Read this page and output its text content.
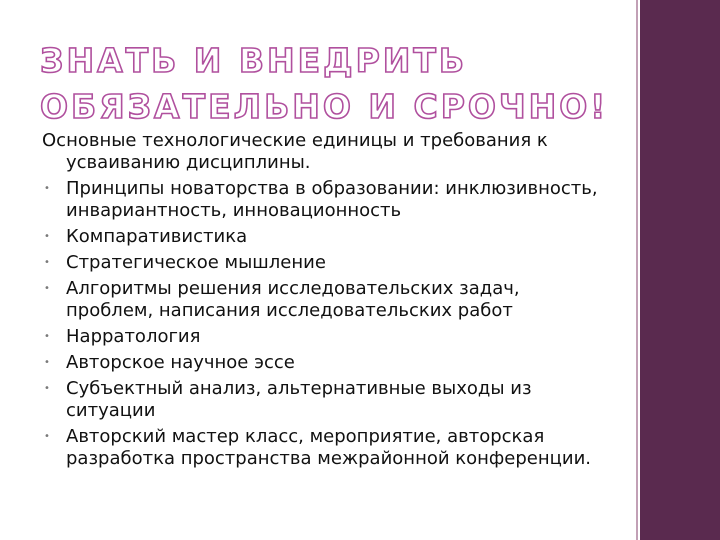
ЗНАТЬ И ВНЕДРИТЬ
ОБЯЗАТЕЛЬНО И СРОЧНО!

Основные технологические единицы и требования к усваиванию дисциплины.

• Принципы новаторства в образовании: инклюзивность, инвариантность, инновационность
• Компаративистика
• Стратегическое мышление
• Алгоритмы решения исследовательских задач, проблем, написания исследовательских работ
• Нарратология
• Авторское научное эссе
• Субъектный анализ, альтернативные выходы из ситуации
• Авторский мастер класс, мероприятие, авторская разработка пространства межрайонной конференции.
